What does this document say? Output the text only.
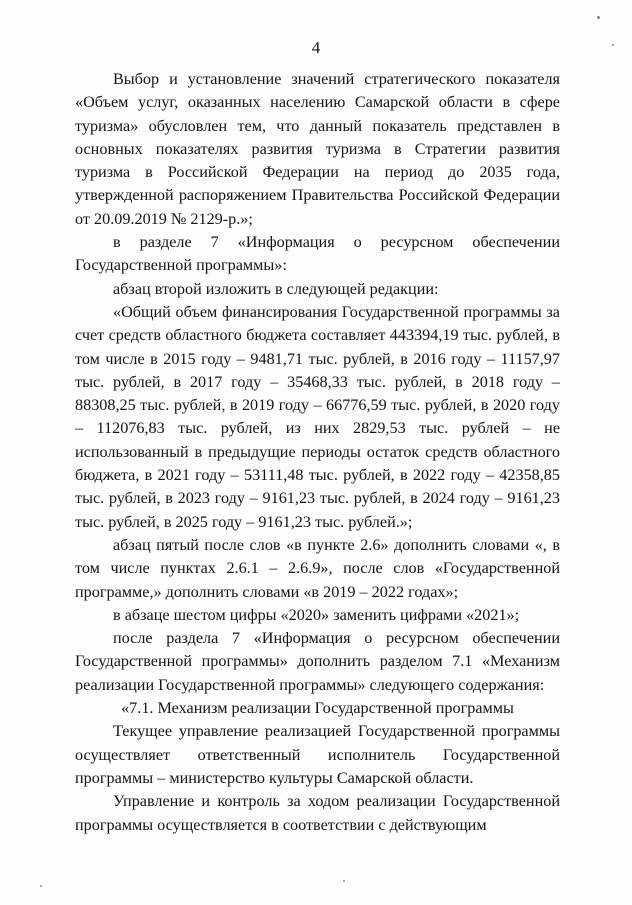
4

Выбор и установление значений стратегического показателя «Объем услуг, оказанных населению Самарской области в сфере туризма» обусловлен тем, что данный показатель представлен в основных показателях развития туризма в Стратегии развития туризма в Российской Федерации на период до 2035 года, утвержденной распоряжением Правительства Российской Федерации от 20.09.2019 № 2129-р.»;

в разделе 7 «Информация о ресурсном обеспечении Государственной программы»:

абзац второй изложить в следующей редакции:

«Общий объем финансирования Государственной программы за счет средств областного бюджета составляет 443394,19 тыс. рублей, в том числе в 2015 году – 9481,71 тыс. рублей, в 2016 году – 11157,97 тыс. рублей, в 2017 году – 35468,33 тыс. рублей, в 2018 году – 88308,25 тыс. рублей, в 2019 году – 66776,59 тыс. рублей, в 2020 году – 112076,83 тыс. рублей, из них 2829,53 тыс. рублей – не использованный в предыдущие периоды остаток средств областного бюджета, в 2021 году – 53111,48 тыс. рублей, в 2022 году – 42358,85 тыс. рублей, в 2023 году – 9161,23 тыс. рублей, в 2024 году – 9161,23 тыс. рублей, в 2025 году – 9161,23 тыс. рублей.»;

абзац пятый после слов «в пункте 2.6» дополнить словами «, в том числе пунктах 2.6.1 – 2.6.9», после слов «Государственной программе,» дополнить словами «в 2019 – 2022 годах»;

в абзаце шестом цифры «2020» заменить цифрами «2021»;

после раздела 7 «Информация о ресурсном обеспечении Государственной программы» дополнить разделом 7.1 «Механизм реализации Государственной программы» следующего содержания:

«7.1. Механизм реализации Государственной программы

Текущее управление реализацией Государственной программы осуществляет ответственный исполнитель Государственной программы – министерство культуры Самарской области.

Управление и контроль за ходом реализации Государственной программы осуществляется в соответствии с действующим
